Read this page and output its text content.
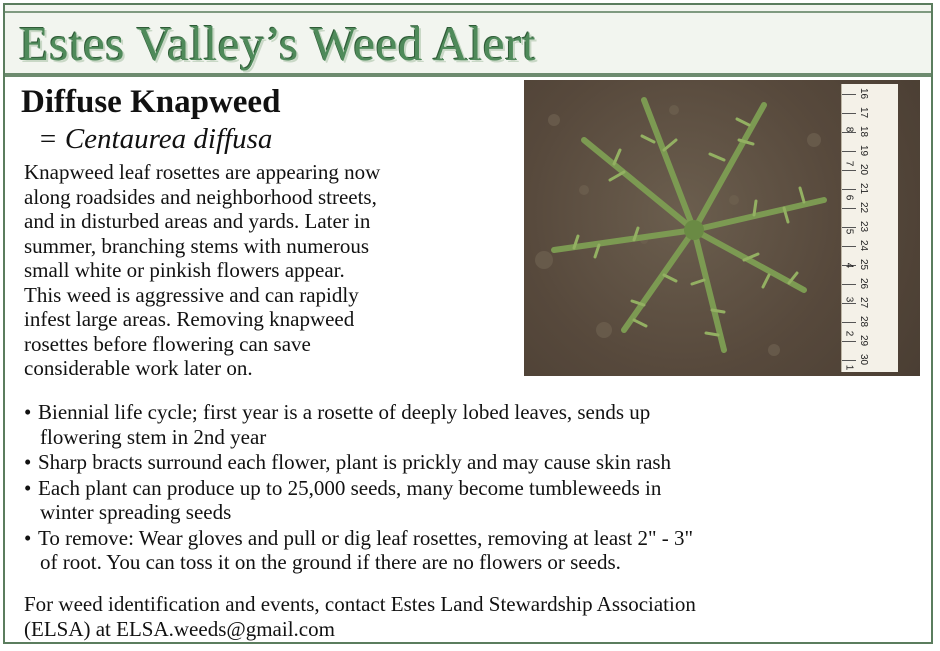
Estes Valley’s Weed Alert
Diffuse Knapweed
= Centaurea diffusa
Knapweed leaf rosettes are appearing now
along roadsides and neighborhood streets,
and in disturbed areas and yards. Later in
summer, branching stems with numerous
small white or pinkish flowers appear.
This weed is aggressive and can rapidly
infest large areas. Removing knapweed
rosettes before flowering can save
considerable work later on.
16
17
18
19
20
21
22
23
24
25
26
27
28
29
30
8
7
6
5
4
3
2
1
• Biennial life cycle; first year is a rosette of deeply lobed leaves, sends up
flowering stem in 2nd year
• Sharp bracts surround each flower, plant is prickly and may cause skin rash
• Each plant can produce up to 25,000 seeds, many become tumbleweeds in
winter spreading seeds
• To remove: Wear gloves and pull or dig leaf rosettes, removing at least 2" - 3"
of root. You can toss it on the ground if there are no flowers or seeds.
For weed identification and events, contact Estes Land Stewardship Association
(ELSA) at ELSA.weeds@gmail.com
